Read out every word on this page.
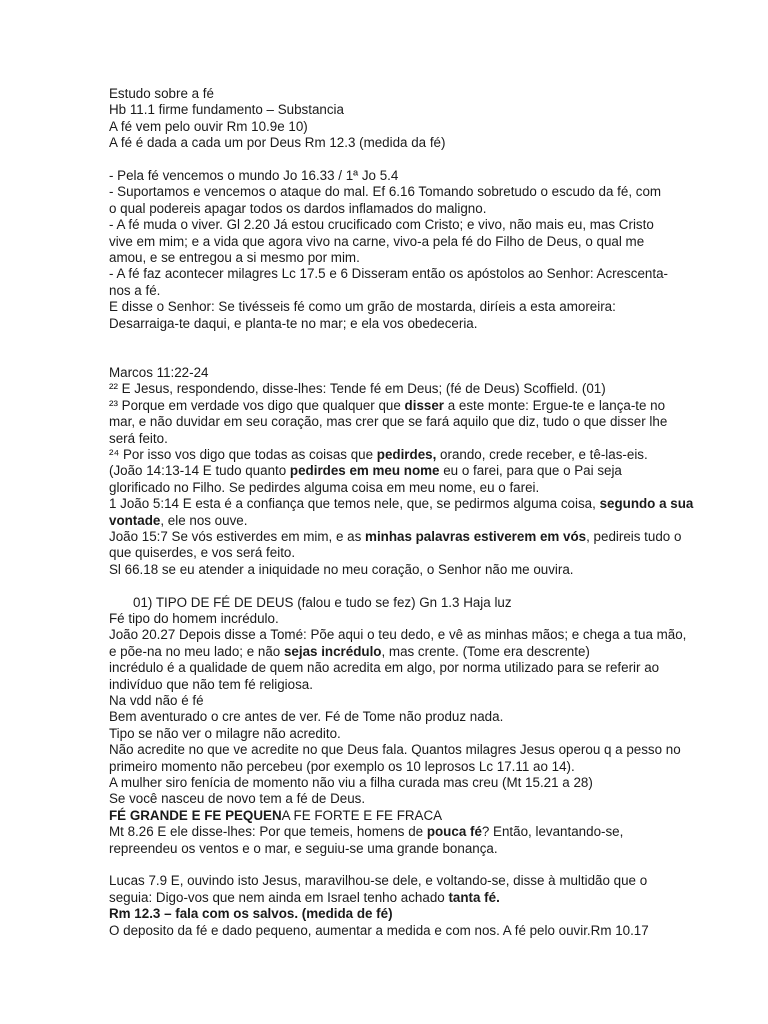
Estudo sobre a fé
Hb 11.1 firme fundamento – Substancia
A fé vem pelo ouvir Rm 10.9e 10)
A fé é dada a cada um por Deus Rm 12.3 (medida da fé)
- Pela fé vencemos o mundo Jo 16.33 / 1ª Jo 5.4
- Suportamos e vencemos o ataque do mal. Ef 6.16 Tomando sobretudo o escudo da fé, com
o qual podereis apagar todos os dardos inflamados do maligno.
- A fé muda o viver. Gl 2.20 Já estou crucificado com Cristo; e vivo, não mais eu, mas Cristo
vive em mim; e a vida que agora vivo na carne, vivo-a pela fé do Filho de Deus, o qual me
amou, e se entregou a si mesmo por mim.
- A fé faz acontecer milagres Lc 17.5 e 6 Disseram então os apóstolos ao Senhor: Acrescenta-
nos a fé.
E disse o Senhor: Se tivésseis fé como um grão de mostarda, diríeis a esta amoreira:
Desarraiga-te daqui, e planta-te no mar; e ela vos obedeceria.
Marcos 11:22-24
²² E Jesus, respondendo, disse-lhes: Tende fé em Deus; (fé de Deus) Scoffield. (01)
²³ Porque em verdade vos digo que qualquer que disser a este monte: Ergue-te e lança-te no
mar, e não duvidar em seu coração, mas crer que se fará aquilo que diz, tudo o que disser lhe
será feito.
²⁴ Por isso vos digo que todas as coisas que pedirdes, orando, crede receber, e tê-las-eis.
(João 14:13-14 E tudo quanto pedirdes em meu nome eu o farei, para que o Pai seja
glorificado no Filho. Se pedirdes alguma coisa em meu nome, eu o farei.
1 João 5:14 E esta é a confiança que temos nele, que, se pedirmos alguma coisa, segundo a sua
vontade, ele nos ouve.
João 15:7 Se vós estiverdes em mim, e as minhas palavras estiverem em vós, pedireis tudo o
que quiserdes, e vos será feito.
Sl 66.18 se eu atender a iniquidade no meu coração, o Senhor não me ouvira.
01) TIPO DE FÉ DE DEUS (falou e tudo se fez) Gn 1.3 Haja luz
Fé tipo do homem incrédulo.
João 20.27 Depois disse a Tomé: Põe aqui o teu dedo, e vê as minhas mãos; e chega a tua mão,
e põe-na no meu lado; e não sejas incrédulo, mas crente. (Tome era descrente)
incrédulo é a qualidade de quem não acredita em algo, por norma utilizado para se referir ao
indivíduo que não tem fé religiosa.
Na vdd não é fé
Bem aventurado o cre antes de ver. Fé de Tome não produz nada.
Tipo se não ver o milagre não acredito.
Não acredite no que ve acredite no que Deus fala. Quantos milagres Jesus operou q a pesso no
primeiro momento não percebeu (por exemplo os 10 leprosos Lc 17.11 ao 14).
A mulher siro fenícia de momento não viu a filha curada mas creu (Mt 15.21 a 28)
Se você nasceu de novo tem a fé de Deus.
FÉ GRANDE E FE PEQUENA FE FORTE E FE FRACA
Mt 8.26 E ele disse-lhes: Por que temeis, homens de pouca fé? Então, levantando-se,
repreendeu os ventos e o mar, e seguiu-se uma grande bonança.
Lucas 7.9 E, ouvindo isto Jesus, maravilhou-se dele, e voltando-se, disse à multidão que o
seguia: Digo-vos que nem ainda em Israel tenho achado tanta fé.
Rm 12.3 – fala com os salvos. (medida de fé)
O deposito da fé e dado pequeno, aumentar a medida e com nos. A fé pelo ouvir.Rm 10.17
